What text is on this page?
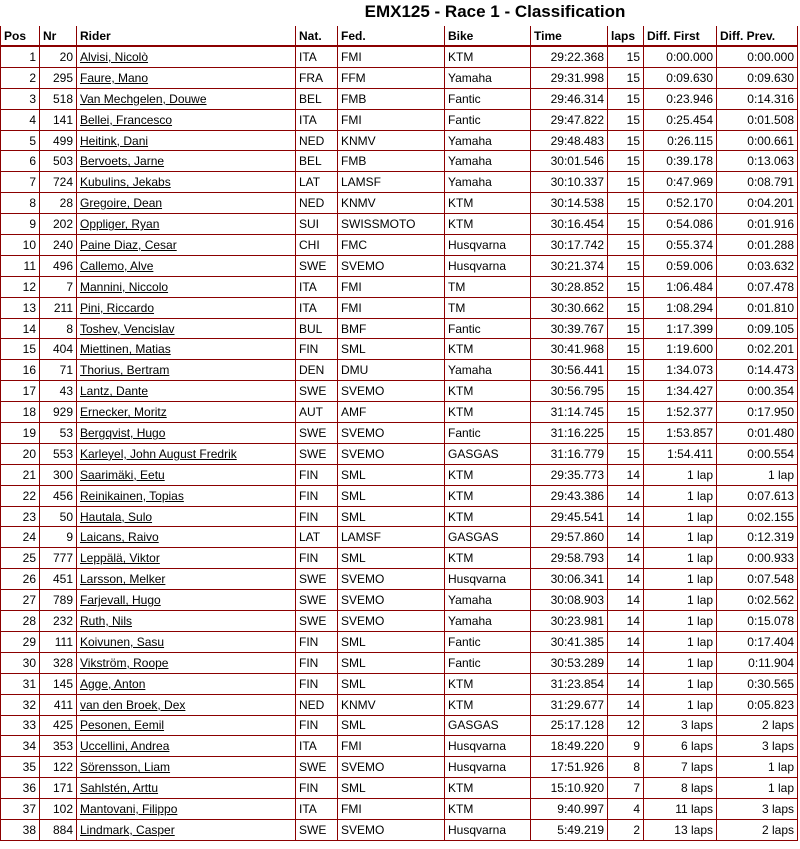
EMX125 - Race 1 - Classification
Pos	Nr	Rider	Nat.	Fed.	Bike	Time	laps	Diff. First	Diff. Prev.
1	20	Alvisi, Nicolò	ITA	FMI	KTM	29:22.368	15	0:00.000	0:00.000
2	295	Faure, Mano	FRA	FFM	Yamaha	29:31.998	15	0:09.630	0:09.630
3	518	Van Mechgelen, Douwe	BEL	FMB	Fantic	29:46.314	15	0:23.946	0:14.316
4	141	Bellei, Francesco	ITA	FMI	Fantic	29:47.822	15	0:25.454	0:01.508
5	499	Heitink, Dani	NED	KNMV	Yamaha	29:48.483	15	0:26.115	0:00.661
6	503	Bervoets, Jarne	BEL	FMB	Yamaha	30:01.546	15	0:39.178	0:13.063
7	724	Kubulins, Jekabs	LAT	LAMSF	Yamaha	30:10.337	15	0:47.969	0:08.791
8	28	Gregoire, Dean	NED	KNMV	KTM	30:14.538	15	0:52.170	0:04.201
9	202	Oppliger, Ryan	SUI	SWISSMOTO	KTM	30:16.454	15	0:54.086	0:01.916
10	240	Paine Diaz, Cesar	CHI	FMC	Husqvarna	30:17.742	15	0:55.374	0:01.288
11	496	Callemo, Alve	SWE	SVEMO	Husqvarna	30:21.374	15	0:59.006	0:03.632
12	7	Mannini, Niccolo	ITA	FMI	TM	30:28.852	15	1:06.484	0:07.478
13	211	Pini, Riccardo	ITA	FMI	TM	30:30.662	15	1:08.294	0:01.810
14	8	Toshev, Vencislav	BUL	BMF	Fantic	30:39.767	15	1:17.399	0:09.105
15	404	Miettinen, Matias	FIN	SML	KTM	30:41.968	15	1:19.600	0:02.201
16	71	Thorius, Bertram	DEN	DMU	Yamaha	30:56.441	15	1:34.073	0:14.473
17	43	Lantz, Dante	SWE	SVEMO	KTM	30:56.795	15	1:34.427	0:00.354
18	929	Ernecker, Moritz	AUT	AMF	KTM	31:14.745	15	1:52.377	0:17.950
19	53	Bergqvist, Hugo	SWE	SVEMO	Fantic	31:16.225	15	1:53.857	0:01.480
20	553	Karleyel, John August Fredrik	SWE	SVEMO	GASGAS	31:16.779	15	1:54.411	0:00.554
21	300	Saarimäki, Eetu	FIN	SML	KTM	29:35.773	14	1 lap	1 lap
22	456	Reinikainen, Topias	FIN	SML	KTM	29:43.386	14	1 lap	0:07.613
23	50	Hautala, Sulo	FIN	SML	KTM	29:45.541	14	1 lap	0:02.155
24	9	Laicans, Raivo	LAT	LAMSF	GASGAS	29:57.860	14	1 lap	0:12.319
25	777	Leppälä, Viktor	FIN	SML	KTM	29:58.793	14	1 lap	0:00.933
26	451	Larsson, Melker	SWE	SVEMO	Husqvarna	30:06.341	14	1 lap	0:07.548
27	789	Farjevall, Hugo	SWE	SVEMO	Yamaha	30:08.903	14	1 lap	0:02.562
28	232	Ruth, Nils	SWE	SVEMO	Yamaha	30:23.981	14	1 lap	0:15.078
29	111	Koivunen, Sasu	FIN	SML	Fantic	30:41.385	14	1 lap	0:17.404
30	328	Vikström, Roope	FIN	SML	Fantic	30:53.289	14	1 lap	0:11.904
31	145	Agge, Anton	FIN	SML	KTM	31:23.854	14	1 lap	0:30.565
32	411	van den Broek, Dex	NED	KNMV	KTM	31:29.677	14	1 lap	0:05.823
33	425	Pesonen, Eemil	FIN	SML	GASGAS	25:17.128	12	3 laps	2 laps
34	353	Uccellini, Andrea	ITA	FMI	Husqvarna	18:49.220	9	6 laps	3 laps
35	122	Sörensson, Liam	SWE	SVEMO	Husqvarna	17:51.926	8	7 laps	1 lap
36	171	Sahlstén, Arttu	FIN	SML	KTM	15:10.920	7	8 laps	1 lap
37	102	Mantovani, Filippo	ITA	FMI	KTM	9:40.997	4	11 laps	3 laps
38	884	Lindmark, Casper	SWE	SVEMO	Husqvarna	5:49.219	2	13 laps	2 laps
